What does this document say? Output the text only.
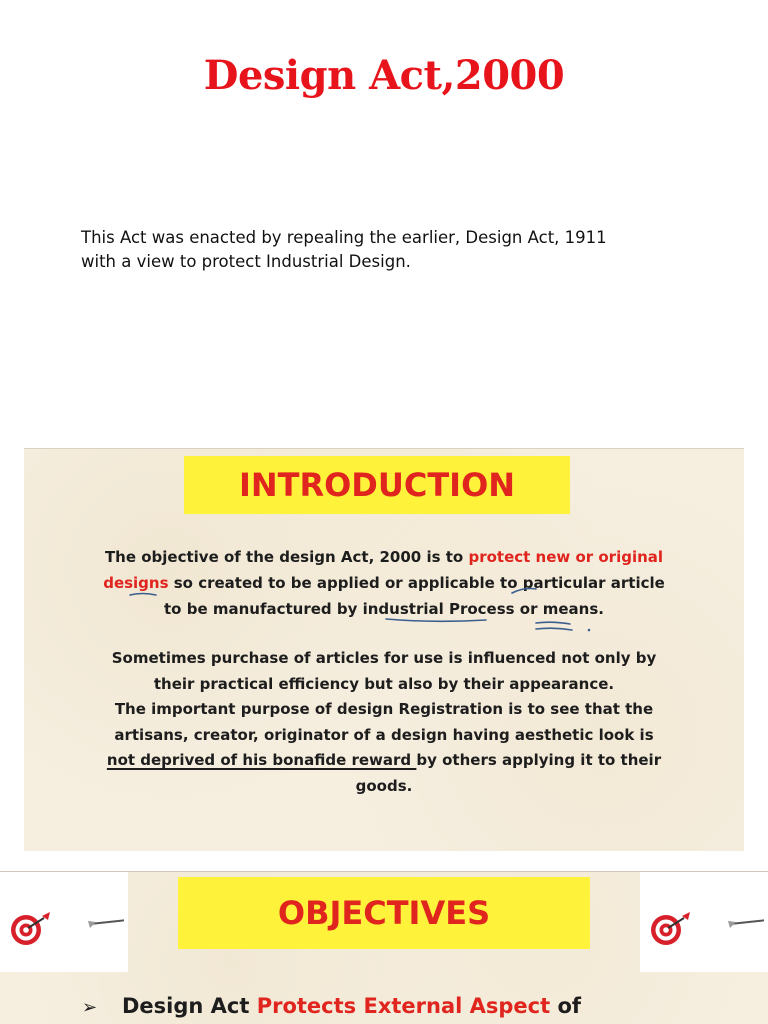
Design Act,2000
This Act was enacted by repealing the earlier, Design Act, 1911
with a view to protect Industrial Design.
INTRODUCTION
The objective of the design Act, 2000 is to protect new or original
designs so created to be applied or applicable to particular article
to be manufactured by industrial Process or means.
Sometimes purchase of articles for use is influenced not only by
their practical efficiency but also by their appearance.
The important purpose of design Registration is to see that the
artisans, creator, originator of a design having aesthetic look is
not deprived of his bonafide reward by others applying it to their
goods.
OBJECTIVES
➢ Design Act Protects External Aspect of
